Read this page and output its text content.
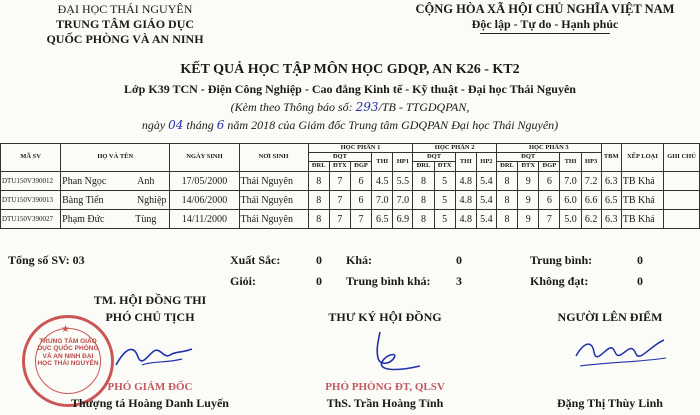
ĐẠI HỌC THÁI NGUYÊN
TRUNG TÂM GIÁO DỤC
QUỐC PHÒNG VÀ AN NINH
CỘNG HÒA XÃ HỘI CHỦ NGHĨA VIỆT NAM
Độc lập - Tự do - Hạnh phúc
KẾT QUẢ HỌC TẬP MÔN HỌC GDQP, AN K26 - KT2
Lớp K39 TCN - Điện Công Nghiệp - Cao đẳng Kinh tế - Kỹ thuật - Đại học Thái Nguyên
(Kèm theo Thông báo số: 293/TB - TTGDQPAN,
ngày 04 tháng 6 năm 2018 của Giám đốc Trung tâm GDQPAN Đại học Thái Nguyên)
MÃ SV	HỌ VÀ TÊN	NGÀY SINH	NƠI SINH	HỌC PHẦN 1					HỌC PHẦN 2				HỌC PHẦN 3					TBM	XẾP LOẠI	GHI CHÚ
				ĐQT			THI	HP1	ĐQT		THI	HP2	ĐQT			THI	HP3			
				ĐRL	ĐTX	ĐGP			ĐRL	ĐTX			ĐRL	ĐTX	ĐGP					
DTU150V390012	Phan Ngọc Anh	17/05/2000	Thái Nguyên	8	7	6	4.5	5.5	8	5	4.8	5.4	8	9	6	7.0	7.2	6.3	TB Khá	
DTU150V390013	Bàng Tiến Nghiệp	14/06/2000	Thái Nguyên	8	7	6	7.0	7.0	8	5	4.8	5.4	8	9	6	6.0	6.6	6.5	TB Khá	
DTU150V390027	Phạm Đức Tùng	14/11/2000	Thái Nguyên	8	7	7	6.5	6.9	8	5	4.8	5.4	8	9	7	5.0	6.2	6.3	TB Khá	
Tổng số SV: 03	Xuất Sắc:	0 Khá:	0	Trung bình:	0
Giỏi:	0 Trung bình khá: 3	Không đạt:	0
TM. HỘI ĐỒNG THI
PHÓ CHỦ TỊCH	THƯ KÝ HỘI ĐỒNG	NGƯỜI LÊN ĐIỂM
★
TRUNG TÂM GIÁO DỤC QUỐC PHÒNG VÀ AN NINH ĐẠI HỌC THÁI NGUYÊN
PHÓ GIÁM ĐỐC	PHÓ PHÒNG ĐT, QLSV
Thượng tá Hoàng Danh Luyến	ThS. Trần Hoàng Tỉnh	Đặng Thị Thùy Linh
